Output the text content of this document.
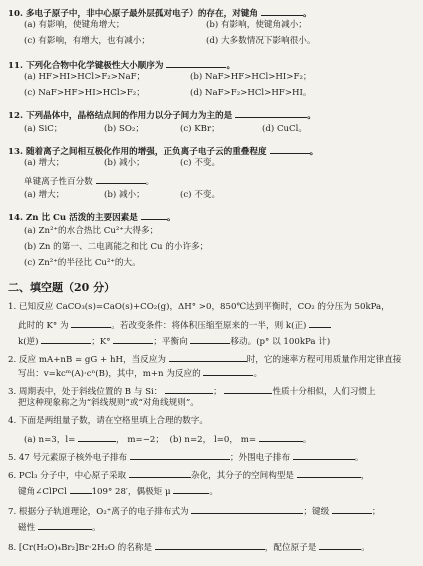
10. 多电子原子中，非中心原子最外层孤对电子）的存在，对键角	。
(a) 有影响，使键角增大；	(b) 有影响，使键角减小；
(c) 有影响，有增大，也有减小；	(d) 大多数情况下影响很小。
11. 下列化合物中化学键极性大小顺序为	。
(a) HF>HI>HCl>F₂>NaF；	(b) NaF>HF>HCl>HI>F₂；
(c) NaF>HF>HI>HCl>F₂；	(d) NaF>F₂>HCl>HF>HI。
12. 下列晶体中，晶格结点间的作用力以分子间力为主的是	。
(a) SiC；	(b) SO₂；	(c) KBr；	(d) CuCl。
13. 随着离子之间相互极化作用的增强，正负离子电子云的重叠程度	。
(a) 增大；	(b) 减小；	(c) 不变。
单键离子性百分数	。
(a) 增大；	(b) 减小；	(c) 不变。
14. Zn 比 Cu 活泼的主要因素是	。
(a) Zn²⁺的水合热比 Cu²⁺大得多；
(b) Zn 的第一、二电离能之和比 Cu 的小许多；
(c) Zn²⁺的半径比 Cu²⁺的大。
二、填空题（20 分）
1. 已知反应 CaCO₃(s)=CaO(s)+CO₂(g)，ΔH° >0，850℃达到平衡时，CO₂ 的分压为 50kPa，
此时的 K° 为	。若改变条件：将体积压缩至原来的一半，则 k(正)
k(逆)	；K°	；平衡向	移动。(p° 以 100kPa 计)
2. 反应 mA+nB = gG + hH，当反应为	时，它的速率方程可用质量作用定律直接
写出：v=kcᵐ(A)·cⁿ(B)，其中，m+n 为反应的	。
3. 周期表中，处于斜线位置的 B 与 Si：	；	性质十分相似，人们习惯上
把这种现象称之为“斜线规则”或“对角线规则”。
4. 下面是两组量子数，请在空格里填上合理的数字。
(a) n=3，l=	， m=−2； (b) n=2， l=0， m=	。
5. 47 号元素原子核外电子排布	；外围电子排布	。
6. PCl₃ 分子中，中心原子采取	杂化，其分子的空间构型是	，
键角∠ClPCl	109° 28′，偶极矩 μ	。
7. 根据分子轨道理论，O₂⁺离子的电子排布式为	；键级	；
磁性	。
8. [Cr(H₂O)₄Br₂]Br·2H₂O 的名称是	，配位原子是	。
